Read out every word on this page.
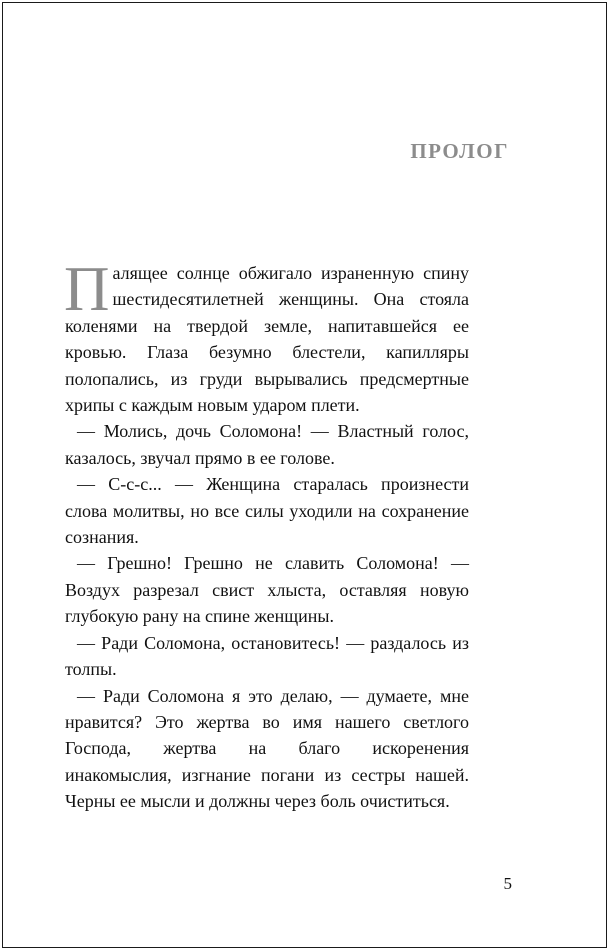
ПРОЛОГ

Палящее солнце обжигало израненную спину шестидесятилетней женщины. Она стояла коленями на твердой земле, напитавшейся ее кровью. Глаза безумно блестели, капилляры полопались, из груди вырывались предсмертные хрипы с каждым новым ударом плети.

— Молись, дочь Соломона! — Властный голос, казалось, звучал прямо в ее голове.

— С-с-с... — Женщина старалась произнести слова молитвы, но все силы уходили на сохранение сознания.

— Грешно! Грешно не славить Соломона! — Воздух разрезал свист хлыста, оставляя новую глубокую рану на спине женщины.

— Ради Соломона, остановитесь! — раздалось из толпы.

— Ради Соломона я это делаю, — думаете, мне нравится? Это жертва во имя нашего светлого Господа, жертва на благо искоренения инакомыслия, изгнание погани из сестры нашей. Черны ее мысли и должны через боль очиститься.

5
